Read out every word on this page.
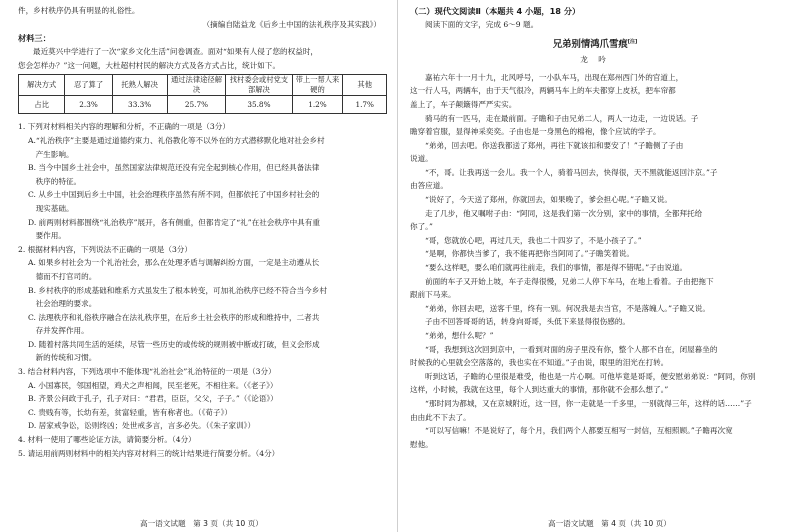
件，乡村秩序仍具有明显的礼俗性。
（摘编自陆益龙《后乡土中国的法礼秩序及其实践》）
材料三：
最近莫兴中学进行了一次“家乡文化生活”问卷调查。面对“如果有人侵了您的权益时，
您会怎样办？”这一问题，大杜超村村民的解决方式及各方式占比，统计如下。
解决方式	忍了算了	托熟人解决	通过法律途径解决	找村委会或村党支部解决	带上一帮人来硬的	其他
占比	2.3%	33.3%	25.7%	35.8%	1.2%	1.7%
1. 下列对材料相关内容的理解和分析，不正确的一项是（3分）
A.“礼治秩序”主要是通过道德约束力、礼俗教化等不以外在的方式潜移默化地对社会乡村
　产生影响。
B. 当今中国乡土社会中，虽然国家法律规范还没有完全起到核心作用，但已经具备法律
　秩序的特征。
C. 从乡土中国到后乡土中国，社会治理秩序虽然有所不同，但都依托了中国乡村社会的
　现实基础。
D. 前两则材料都围绕“礼治秩序”展开，各有侧重，但都肯定了“礼”在社会秩序中具有重
　要作用。
2. 根据材料内容，下列说法不正确的一项是（3分）
A. 如果乡村社会为一个礼治社会，那么在处理矛盾与调解纠纷方面，一定是主动遵从长
　德而不打官司的。
B. 乡村秩序的形成基础和维系方式虽发生了根本转变，可加礼治秩序已经不符合当今乡村
　社会治理的要求。
C. 法理秩序和礼俗秩序融合在法礼秩序里，在后乡土社会秩序的形成和维持中，二者共
　存并发挥作用。
D. 随着村落共同生活的延续，尽管一些历史的或传统的规则被中断或打破，但义会形成
　新的传统和习惯。
3. 结合材料内容，下列选项中不能体现“礼治社会”礼治特征的一项是（3分）
A. 小国寡民，邻国相望，鸡犬之声相闻，民至老死，不相往来。（《老子》）
B. 齐景公问政于孔子，孔子对曰：“君君，臣臣，父父，子子。”（《论语》）
C. 贵贱有等，长幼有差，贫富轻重，皆有称者也。（《荀子》）
D. 居家戒争讼，讼则终凶；处世戒多言，言多必失。（《朱子家训》）
4. 材料一使用了哪些论证方法，请简要分析。（4分）
5. 请运用前两则材料中的相关内容对材料三的统计结果进行简要分析。（4分）
高一语文试题　第 3 页（共 10 页）
（二）现代文阅读Ⅱ（本题共 4 小题，18 分）
阅读下面的文字，完成 6～9 题。
兄弟别情鸿爪雪痕[注]
龙 吟
嘉祐六年十一月十九，北风呼号，一小队车马，出现在郑州西门外的官道上，
这一行人马，两辆车，由于天气很冷，两辆马车上的车夫都穿上皮袄，把车帘都
盖上了，车子颠簸得严严实实。
骑马的有一匹马，走在最前面。子瞻和子由兄弟二人，两人一边走，一边说话。子
瞻穿着官服，显得神采奕奕。子由也是一身黑色的棉袍，像个应试的学子。
“弟弟，回去吧。你送我都送了郑州，再往下就该扣和要安了！”子瞻侧了子由
说道。
“不，哥。让我再送一会儿。我一个人，骑着马回去，快得很，天不黑就能返回汴京。”子
由答应道。
“说好了，今天送了郑州，你就回去，如果晚了，爹会担心呢。”子瞻又说。
走了几步，他又嘱咐子由：“阿同，这是我们第一次分别，家中的事情，全都拜托给
你了。”
“哥，您就放心吧，再过几天，我也二十四岁了，不是小孩子了。”
“是啊，你都快当爹了，我不能再把你当阿同了。”子瞻笑着说。
“要么这样吧，要么咱们就再往前走，我们的事情，都是得不错呢。”子由说道。
前面的车子又开始上坡，车子走得很慢，兄弟二人停下车马，在地上看着。子由把拖下
跟前下马来。
“弟弟，你回去吧，送客千里，终有一别。何况我是去当官，不是落魄人。”子瞻又说。
子由不回答哥哥的话，转身向哥哥，头低下来显得很伤感的。
“弟弟，想什么呢？”
“哥，我想到这次回到京中，一看到对面的房子里没有你，整个人都不自在，闭屋暮坐的
时候我的心里就会空落落的，我也实在不知道。”子由说，眼里的泪光在打转。
听到这话，子瞻的心里很是难受，他也是一片心啊。可他毕竟是哥哥，便安慰弟弟说：“阿同，你别
这样，小时候，我就在这里，每个人到达重大的事情，那你就不会那么想了。”
“那时同为都城，又在京城附近，这一回，你一走就是一千多里，一别就得三年，这样的话……”子
由由此不下去了。
“可以写信嘛！不是说好了，每个月，我们两个人都要互相写一封信，互相照顾。”子瞻再次宽
慰他。
高一语文试题　第 4 页（共 10 页）
